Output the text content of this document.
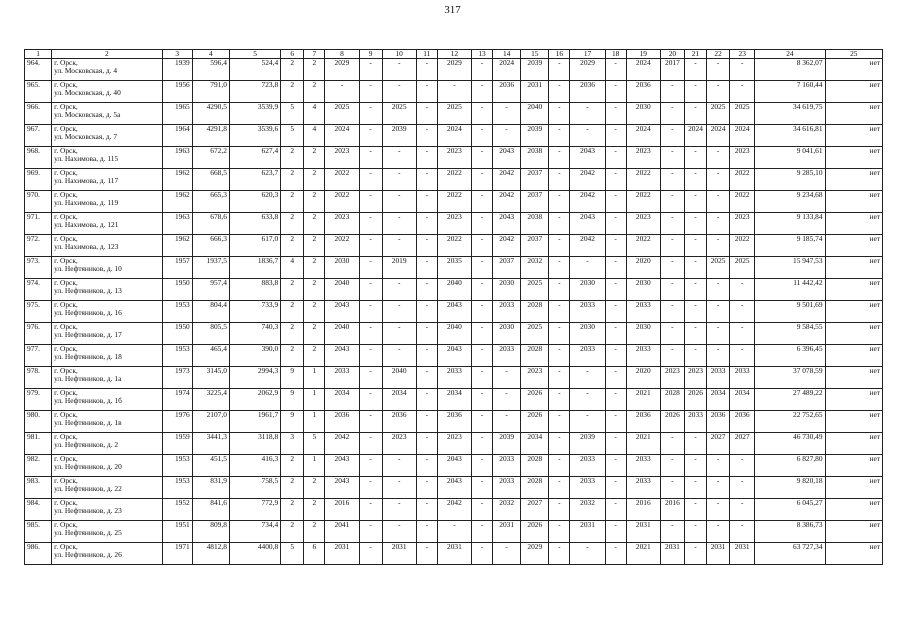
317
1	2	3	4	5	6	7	8	9	10	11	12	13	14	15	16	17	18	19	20	21	22	23	24	25
964.	г. Орск,
ул. Московская, д. 4	1939	596,4	524,4	2	2	2029	-	-	-	2029	-	2024	2039	-	2029	-	2024	2017	-	-	-	8 362,07	нет
965.	г. Орск,
ул. Московская, д. 40	1956	791,0	723,8	2	2	-	-	-	-	-	-	2036	2031	-	2036	-	2036	-	-	-	-	7 160,44	нет
966.	г. Орск,
ул. Московская, д. 5а	1965	4290,5	3539,9	5	4	2025	-	2025	-	2025	-	-	2040	-	-	-	2030	-	-	2025	2025	34 619,75	нет
967.	г. Орск,
ул. Московская, д. 7	1964	4291,8	3539,6	5	4	2024	-	2039	-	2024	-	-	2039	-	-	-	2024	-	2024	2024	2024	34 616,81	нет
968.	г. Орск,
ул. Нахимова, д. 115	1963	672,2	627,4	2	2	2023	-	-	-	2023	-	2043	2038	-	2043	-	2023	-	-	-	2023	9 041,61	нет
969.	г. Орск,
ул. Нахимова, д. 117	1962	668,5	623,7	2	2	2022	-	-	-	2022	-	2042	2037	-	2042	-	2022	-	-	-	2022	9 285,10	нет
970.	г. Орск,
ул. Нахимова, д. 119	1962	665,3	620,3	2	2	2022	-	-	-	2022	-	2042	2037	-	2042	-	2022	-	-	-	2022	9 234,68	нет
971.	г. Орск,
ул. Нахимова, д. 121	1963	678,6	633,8	2	2	2023	-	-	-	2023	-	2043	2038	-	2043	-	2023	-	-	-	2023	9 133,84	нет
972.	г. Орск,
ул. Нахимова, д. 123	1962	666,3	617,0	2	2	2022	-	-	-	2022	-	2042	2037	-	2042	-	2022	-	-	-	2022	9 185,74	нет
973.	г. Орск,
ул. Нефтяников, д. 10	1957	1937,5	1836,7	4	2	2030	-	2019	-	2035	-	2037	2032	-	-	-	2020	-	-	2025	2025	15 947,53	нет
974.	г. Орск,
ул. Нефтяников, д. 13	1950	957,4	883,8	2	2	2040	-	-	-	2040	-	2030	2025	-	2030	-	2030	-	-	-	-	11 442,42	нет
975.	г. Орск,
ул. Нефтяников, д. 16	1953	804,4	733,9	2	2	2043	-	-	-	2043	-	2033	2028	-	2033	-	2033	-	-	-	-	9 501,69	нет
976.	г. Орск,
ул. Нефтяников, д. 17	1950	805,5	740,3	2	2	2040	-	-	-	2040	-	2030	2025	-	2030	-	2030	-	-	-	-	9 584,55	нет
977.	г. Орск,
ул. Нефтяников, д. 18	1953	465,4	390,0	2	2	2043	-	-	-	2043	-	2033	2028	-	2033	-	2033	-	-	-	-	6 396,45	нет
978.	г. Орск,
ул. Нефтяников, д. 1а	1973	3145,0	2994,3	9	1	2033	-	2040	-	2033	-	-	2023	-	-	-	2020	2023	2023	2033	2033	37 078,59	нет
979.	г. Орск,
ул. Нефтяников, д. 1б	1974	3225,4	2062,9	9	1	2034	-	2034	-	2034	-	-	2026	-	-	-	2021	2028	2026	2034	2034	27 489,22	нет
980.	г. Орск,
ул. Нефтяников, д. 1в	1976	2107,0	1961,7	9	1	2036	-	2036	-	2036	-	-	2026	-	-	-	2036	2026	2033	2036	2036	22 752,65	нет
981.	г. Орск,
ул. Нефтяников, д. 2	1959	3441,3	3118,8	3	5	2042	-	2023	-	2023	-	2039	2034	-	2039	-	2021	-	-	2027	2027	46 730,49	нет
982.	г. Орск,
ул. Нефтяников, д. 20	1953	451,5	416,3	2	1	2043	-	-	-	2043	-	2033	2028	-	2033	-	2033	-	-	-	-	6 827,80	нет
983.	г. Орск,
ул. Нефтяников, д. 22	1953	831,9	758,5	2	2	2043	-	-	-	2043	-	2033	2028	-	2033	-	2033	-	-	-	-	9 820,18	нет
984.	г. Орск,
ул. Нефтяников, д. 23	1952	841,6	772,9	2	2	2016	-	-	-	2042	-	2032	2027	-	2032	-	2016	2016	-	-	-	6 045,27	нет
985.	г. Орск,
ул. Нефтяников, д. 25	1951	809,8	734,4	2	2	2041	-	-	-	-	-	2031	2026	-	2031	-	2031	-	-	-	-	8 386,73	нет
986.	г. Орск,
ул. Нефтяников, д. 26	1971	4812,8	4400,8	5	6	2031	-	2031	-	2031	-	-	2029	-	-	-	2021	2031	-	2031	2031	63 727,34	нет
